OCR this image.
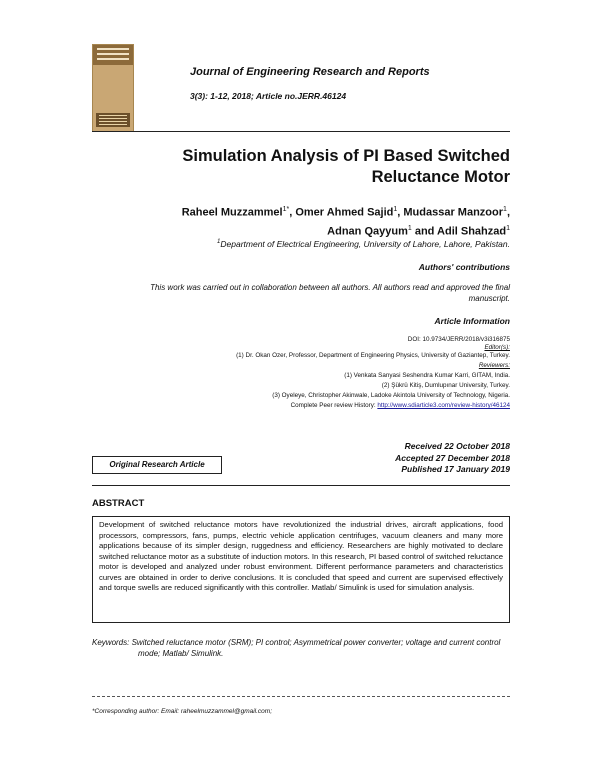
Journal of Engineering Research and Reports
3(3): 1-12, 2018; Article no.JERR.46124
Simulation Analysis of PI Based Switched
Reluctance Motor
Raheel Muzzammel$^{1*}$, Omer Ahmed Sajid$^1$, Mudassar Manzoor$^1$,
Adnan Qayyum$^1$ and Adil Shahzad$^1$
$^1$Department of Electrical Engineering, University of Lahore, Lahore, Pakistan.
Authors' contributions
This work was carried out in collaboration between all authors. All authors read and approved the final
manuscript.
Article Information
DOI: 10.9734/JERR/2018/v3i316875
Editor(s):
(1) Dr. Okan Ozer, Professor, Department of Engineering Physics, University of Gaziantep, Turkey.
Reviewers:
(1) Venkata Sanyasi Seshendra Kumar Karri, GITAM, India.
(2) Şükrü Kitiş, Dumlupınar University, Turkey.
(3) Oyeleye, Christopher Akinwale, Ladoke Akintola University of Technology, Nigeria.
Complete Peer review History: http://www.sdiarticle3.com/review-history/46124
Received 22 October 2018
Accepted 27 December 2018
Published 17 January 2019
Original Research Article
ABSTRACT

Development of switched reluctance motors have revolutionized the industrial drives, aircraft applications, food processors, compressors, fans, pumps, electric vehicle application centrifuges, vacuum cleaners and many more applications because of its simpler design, ruggedness and efficiency. Researchers are highly motivated to declare switched reluctance motor as a substitute of induction motors. In this research, PI based control of switched reluctance motor is developed and analyzed under robust environment. Different performance parameters and characteristics curves are obtained in order to derive conclusions. It is concluded that speed and current are supervised effectively and torque swells are reduced significantly with this controller. Matlab/ Simulink is used for simulation analysis.

Keywords: Switched reluctance motor (SRM); PI control; Asymmetrical power converter; voltage and current control mode; Matlab/ Simulink.
*Corresponding author: Email: raheelmuzzammel@gmail.com;
